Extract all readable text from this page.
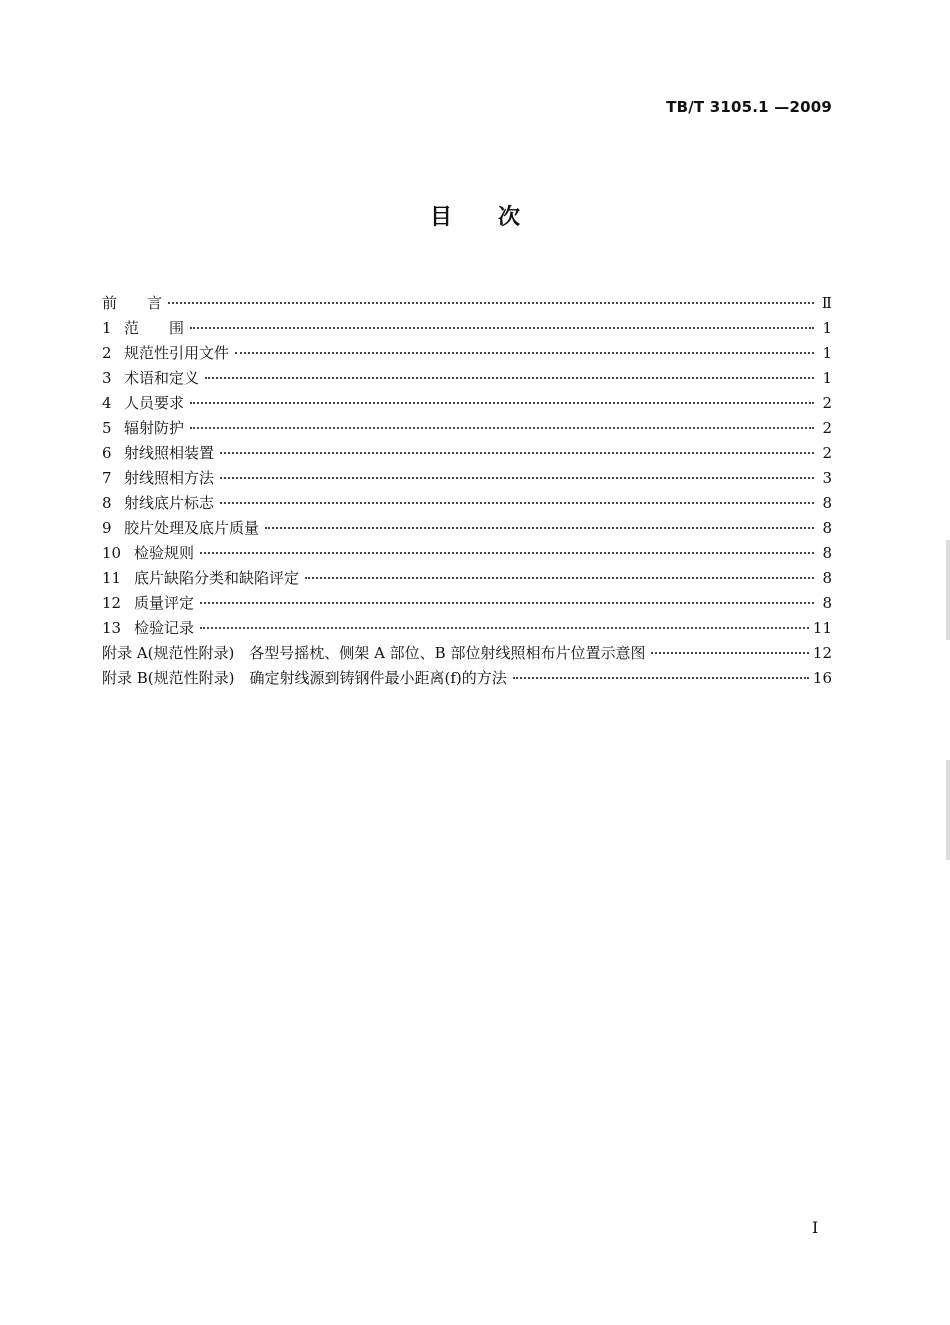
TB/T 3105.1 —2009
目次
前　　言	Ⅱ
1 范　　围	1
2 规范性引用文件	1
3 术语和定义	1
4 人员要求	2
5 辐射防护	2
6 射线照相装置	2
7 射线照相方法	3
8 射线底片标志	8
9 胶片处理及底片质量	8
10 检验规则	8
11 底片缺陷分类和缺陷评定	8
12 质量评定	8
13 检验记录	11
附录 A(规范性附录)　各型号摇枕、侧架 A 部位、B 部位射线照相布片位置示意图	12
附录 B(规范性附录)　确定射线源到铸钢件最小距离(f)的方法	16
I
